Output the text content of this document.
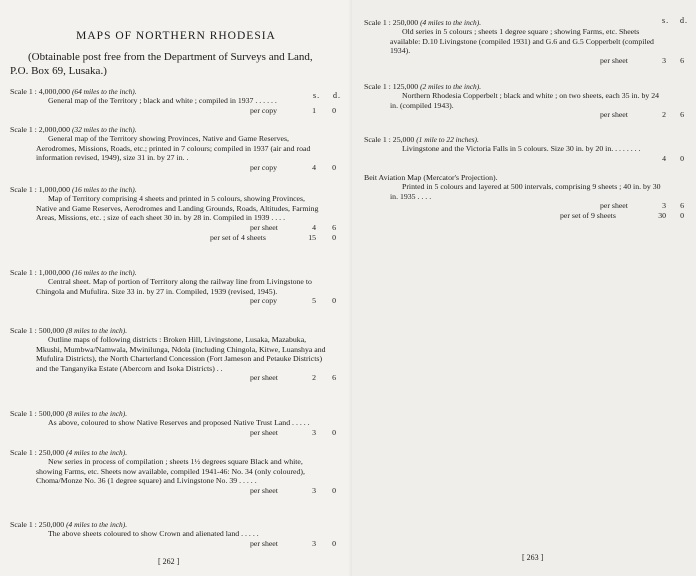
MAPS OF NORTHERN RHODESIA
(Obtainable post free from the Department of Surveys and Land,
P.O. Box 69, Lusaka.)
s. d.
Scale 1 : 4,000,000 (64 miles to the inch).
General map of the Territory ; black and white ; compiled in 1937 . . . . . .
per copy	1	0
Scale 1 : 2,000,000 (32 miles to the inch).
General map of the Territory showing Provinces, Native and Game Reserves, Aerodromes, Missions, Roads, etc.; printed in 7 colours; compiled in 1937 (air and road information revised, 1949), size 31 in. by 27 in. .
per copy	4	0
Scale 1 : 1,000,000 (16 miles to the inch).
Map of Territory comprising 4 sheets and printed in 5 colours, showing Provinces, Native and Game Reserves, Aerodromes and Landing Grounds, Roads, Altitudes, Farming Areas, Missions, etc. ; size of each sheet 30 in. by 28 in. Compiled in 1939 . . . .
per sheet	4	6
per set of 4 sheets	15	0
Scale 1 : 1,000,000 (16 miles to the inch).
Central sheet. Map of portion of Territory along the railway line from Livingstone to Chingola and Mufulira. Size 33 in. by 27 in. Compiled, 1939 (revised, 1945).
per copy	5	0
Scale 1 : 500,000 (8 miles to the inch).
Outline maps of following districts : Broken Hill, Livingstone, Lusaka, Mazabuka, Mkushi, Mumbwa/Namwala, Mwinilunga, Ndola (including Chingola, Kitwe, Luanshya and Mufulira Districts), the North Charterland Concession (Fort Jameson and Petauke Districts) and the Tanganyika Estate (Abercorn and Isoka Districts) . .
per sheet	2	6
Scale 1 : 500,000 (8 miles to the inch).
As above, coloured to show Native Reserves and proposed Native Trust Land . . . . .
per sheet	3	0
Scale 1 : 250,000 (4 miles to the inch).
New series in process of compilation ; sheets 1½ degrees square Black and white, showing Farms, etc. Sheets now available, compiled 1941-46: No. 34 (only coloured), Choma/Monze No. 36 (1 degree square) and Livingstone No. 39 . . . . .
per sheet	3	0
Scale 1 : 250,000 (4 miles to the inch).
The above sheets coloured to show Crown and alienated land . . . . .
per sheet	3	0
[ 262 ]
s. d.
Scale 1 : 250,000 (4 miles to the inch).
Old series in 5 colours ; sheets 1 degree square ; showing Farms, etc. Sheets available: D.10 Livingstone (compiled 1931) and G.6 and G.5 Copperbelt (compiled 1934).
per sheet	3	6
Scale 1 : 125,000 (2 miles to the inch).
Northern Rhodesia Copperbelt ; black and white ; on two sheets, each 35 in. by 24 in. (compiled 1943).
per sheet	2	6
Scale 1 : 25,000 (1 mile to 22 inches).
Livingstone and the Victoria Falls in 5 colours. Size 30 in. by 20 in. . . . . . . .
4	0
Beit Aviation Map (Mercator's Projection).
Printed in 5 colours and layered at 500 intervals, comprising 9 sheets ; 40 in. by 30 in. 1935 . . . .
per sheet	3	6
per set of 9 sheets	30	0
[ 263 ]
